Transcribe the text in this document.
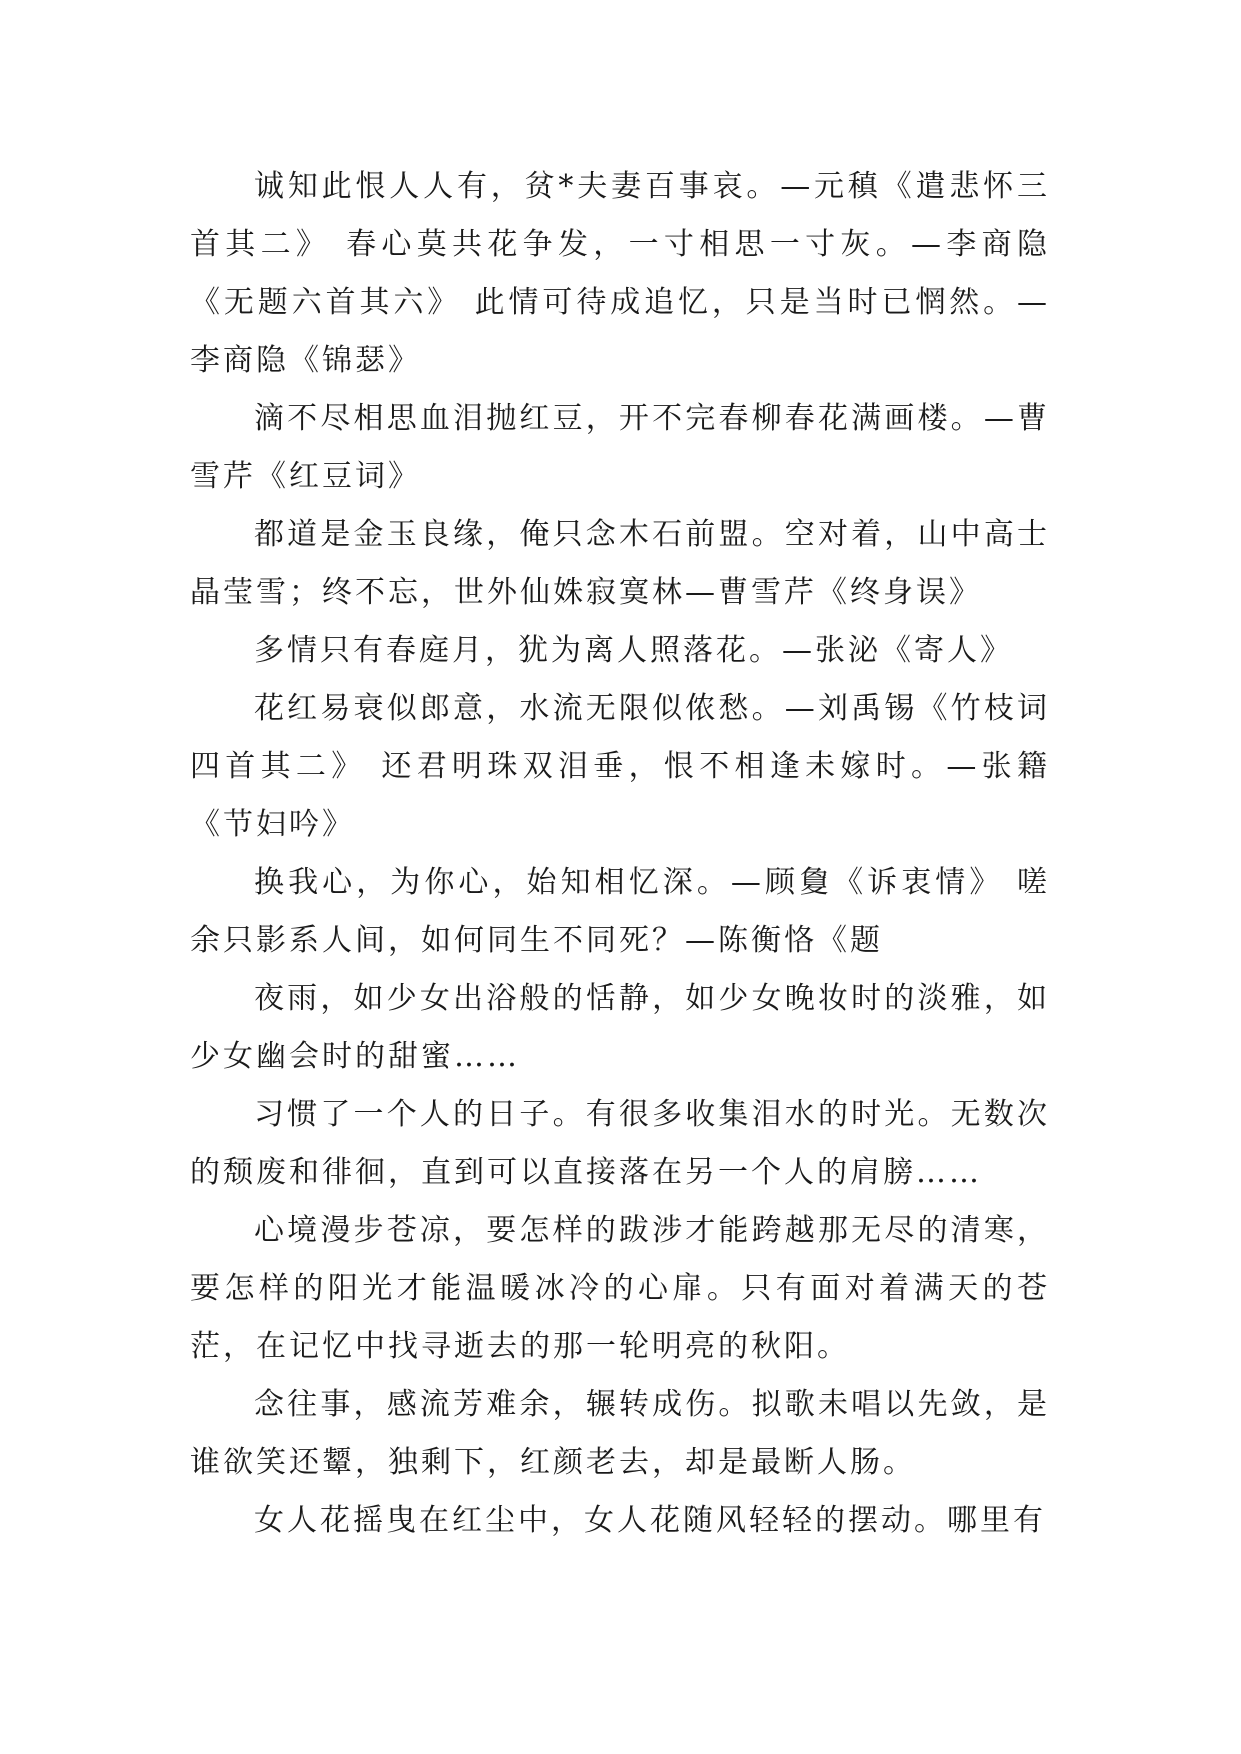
诚知此恨人人有，贫*夫妻百事哀。—元稹《遣悲怀三首其二》 春心莫共花争发，一寸相思一寸灰。—李商隐《无题六首其六》 此情可待成追忆，只是当时已惘然。—李商隐《锦瑟》

滴不尽相思血泪抛红豆，开不完春柳春花满画楼。—曹雪芹《红豆词》

都道是金玉良缘，俺只念木石前盟。空对着，山中高士晶莹雪；终不忘，世外仙姝寂寞林—曹雪芹《终身误》

多情只有春庭月，犹为离人照落花。—张泌《寄人》

花红易衰似郎意，水流无限似侬愁。—刘禹锡《竹枝词四首其二》 还君明珠双泪垂，恨不相逢未嫁时。—张籍《节妇吟》

换我心，为你心，始知相忆深。—顾敻《诉衷情》 嗟余只影系人间，如何同生不同死？—陈衡恪《题

夜雨，如少女出浴般的恬静，如少女晚妆时的淡雅，如少女幽会时的甜蜜……

习惯了一个人的日子。有很多收集泪水的时光。无数次的颓废和徘徊，直到可以直接落在另一个人的肩膀……

心境漫步苍凉，要怎样的跋涉才能跨越那无尽的清寒，要怎样的阳光才能温暖冰冷的心扉。只有面对着满天的苍茫，在记忆中找寻逝去的那一轮明亮的秋阳。

念往事，感流芳难余，辗转成伤。拟歌未唱以先敛，是谁欲笑还颦，独剩下，红颜老去，却是最断人肠。

女人花摇曳在红尘中，女人花随风轻轻的摆动。哪里有
